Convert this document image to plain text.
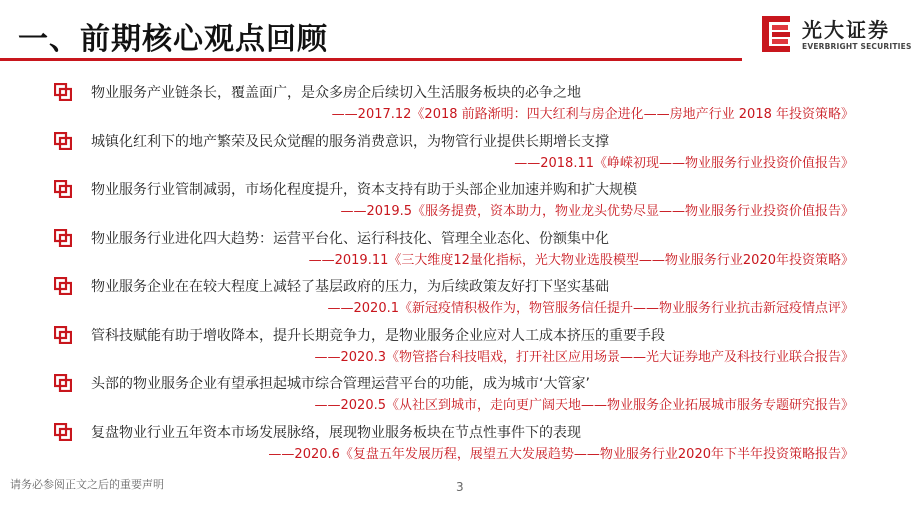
一、前期核心观点回顾	光大证券
EVERBRIGHT SECURITIES
物业服务产业链条长，覆盖面广，是众多房企后续切入生活服务板块的必争之地
——2017.12《2018 前路渐明：四大红利与房企进化——房地产行业 2018 年投资策略》
城镇化红利下的地产繁荣及民众觉醒的服务消费意识，为物管行业提供长期增长支撑
——2018.11《峥嵘初现——物业服务行业投资价值报告》
物业服务行业管制减弱，市场化程度提升，资本支持有助于头部企业加速并购和扩大规模
——2019.5《服务提费，资本助力，物业龙头优势尽显——物业服务行业投资价值报告》
物业服务行业进化四大趋势：运营平台化、运行科技化、管理全业态化、份额集中化
——2019.11《三大维度12量化指标，光大物业选股模型——物业服务行业2020年投资策略》
物业服务企业在在较大程度上减轻了基层政府的压力，为后续政策友好打下坚实基础
——2020.1《新冠疫情积极作为，物管服务信任提升——物业服务行业抗击新冠疫情点评》
管科技赋能有助于增收降本，提升长期竞争力，是物业服务企业应对人工成本挤压的重要手段
——2020.3《物管搭台科技唱戏，打开社区应用场景——光大证券地产及科技行业联合报告》
头部的物业服务企业有望承担起城市综合管理运营平台的功能，成为城市‘大管家’
——2020.5《从社区到城市，走向更广阔天地——物业服务企业拓展城市服务专题研究报告》
复盘物业行业五年资本市场发展脉络，展现物业服务板块在节点性事件下的表现
——2020.6《复盘五年发展历程，展望五大发展趋势——物业服务行业2020年下半年投资策略报告》
请务必参阅正文之后的重要声明	3
